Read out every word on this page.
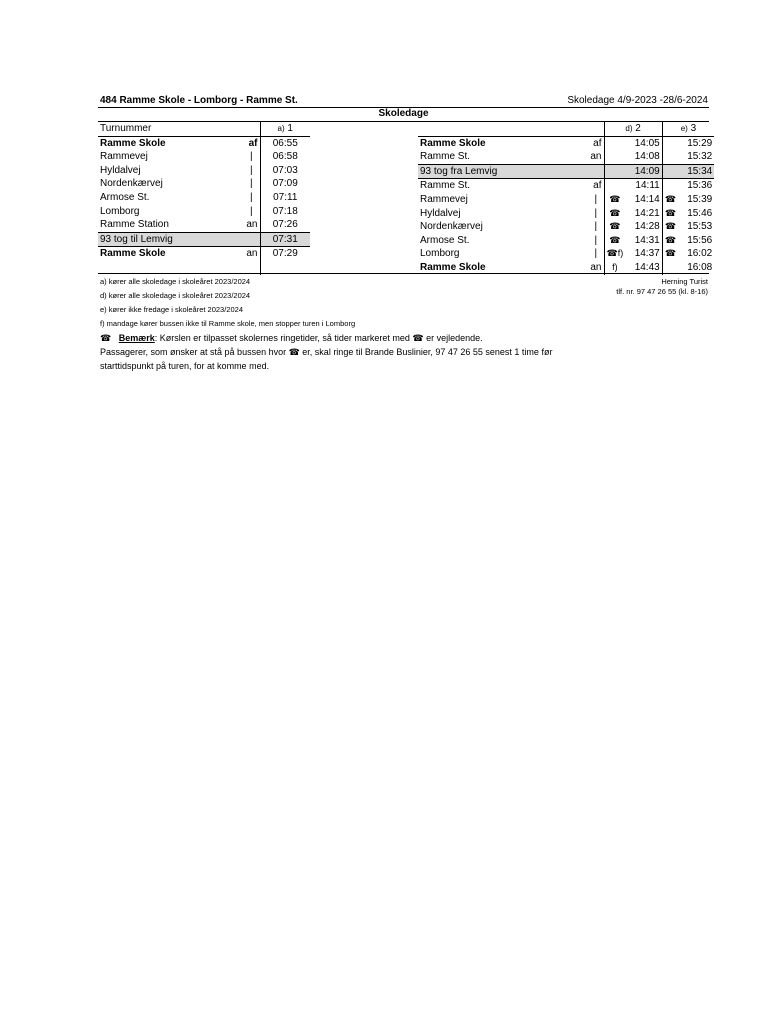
484 Ramme Skole - Lomborg - Ramme St.	Skoledage 4/9-2023 -28/6-2024
Skoledage
Turnummer		a) 1
Ramme Skole	af	06:55
Rammevej	|	06:58
Hyldalvej	|	07:03
Nordenkærvej	|	07:09
Armose St.	|	07:11
Lomborg	|	07:18
Ramme Station	an	07:26
93 tog til Lemvig		07:31
Ramme Skole	an	07:29

		d) 2		e) 3	
Ramme Skole	af		14:05		15:29
Ramme St.	an		14:08		15:32
93 tog fra Lemvig			14:09		15:34
Ramme St.	af		14:11		15:36
Rammevej	|	☎	14:14	☎	15:39
Hyldalvej	|	☎	14:21	☎	15:46
Nordenkærvej	|	☎	14:28	☎	15:53
Armose St.	|	☎	14:31	☎	15:56
Lomborg	|	☎f)	14:37	☎	16:02
Ramme Skole	an	f)	14:43		16:08
a) kører alle skoledage i skoleåret 2023/2024	Herning Turist
d) kører alle skoledage i skoleåret 2023/2024	tlf. nr. 97 47 26 55 (kl. 8-16)
e) kører ikke fredage i skoleåret 2023/2024
f) mandage kører bussen ikke til Ramme skole, men stopper turen i Lomborg
☎ Bemærk: Kørslen er tilpasset skolernes ringetider, så tider markeret med ☎ er vejledende.
Passagerer, som ønsker at stå på bussen hvor ☎ er, skal ringe til Brande Buslinier, 97 47 26 55 senest 1 time før
starttidspunkt på turen, for at komme med.
